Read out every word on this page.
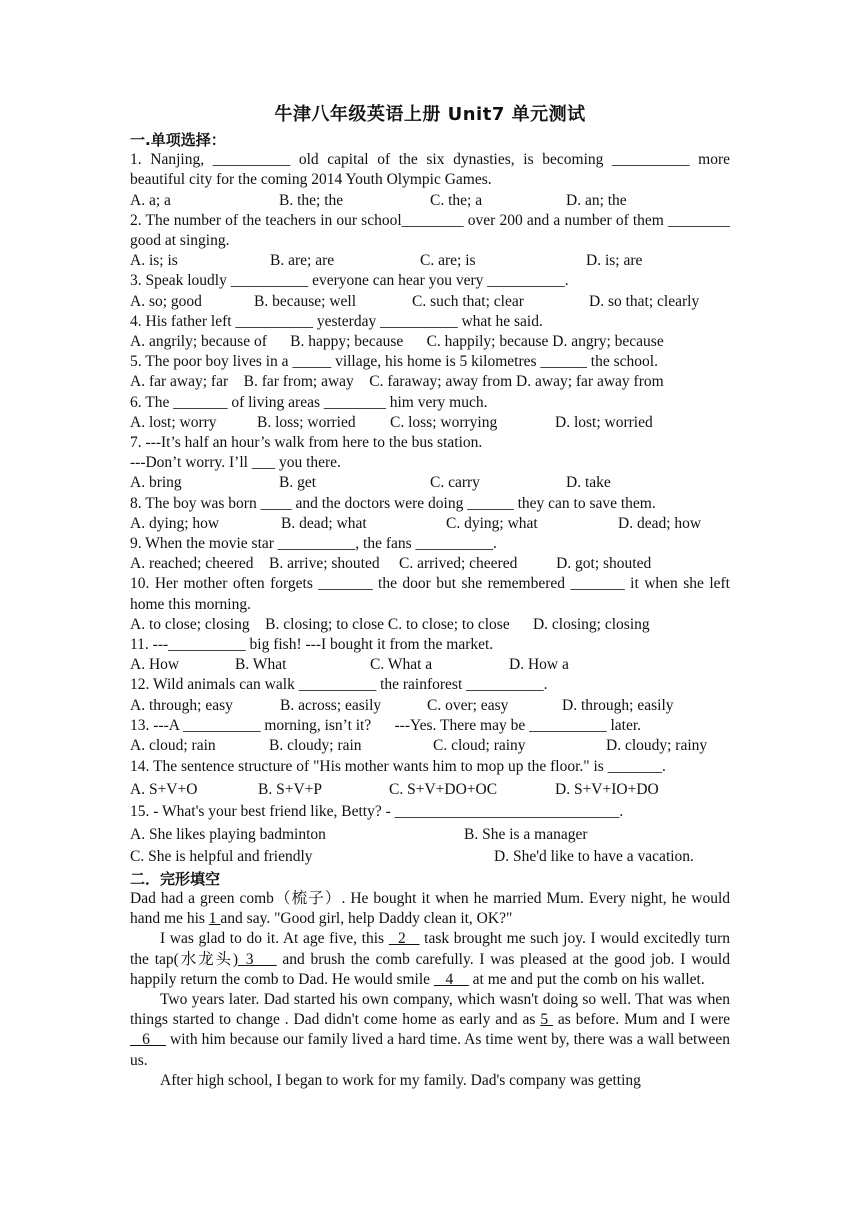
牛津八年级英语上册 Unit7 单元测试
一.单项选择：
1. Nanjing, __________ old capital of the six dynasties, is becoming __________ more beautiful city for the coming 2014 Youth Olympic Games.
A. a; a	B. the; the	C. the; a	D. an; the
2. The number of the teachers in our school________ over 200 and a number of them ________ good at singing.
A. is; is	B. are; are	C. are; is	D. is; are
3. Speak loudly __________ everyone can hear you very __________.
A. so; good	B. because; well	C. such that; clear	D. so that; clearly
4. His father left __________ yesterday __________ what he said.
A. angrily; because of      B. happy; because      C. happily; because D. angry; because
5. The poor boy lives in a _____ village, his home is 5 kilometres ______ the school.
A. far away; far    B. far from; away    C. faraway; away from D. away; far away from
6. The _______ of living areas ________ him very much.
A. lost; worry	B. loss; worried	C. loss; worrying	D. lost; worried
7. ---It’s half an hour’s walk from here to the bus station.
---Don’t worry. I’ll ___ you there.
A. bring	B. get	C. carry	D. take
8. The boy was born ____ and the doctors were doing ______ they can to save them.
A. dying; how	B. dead; what	C. dying; what	D. dead; how
9. When the movie star __________, the fans __________.
A. reached; cheered    B. arrive; shouted     C. arrived; cheered          D. got; shouted
10. Her mother often forgets _______ the door but she remembered _______ it when she left home this morning.
A. to close; closing    B. closing; to close C. to close; to close      D. closing; closing
11. ---__________ big fish! ---I bought it from the market.
A. How	B. What	C. What a	D. How a
12. Wild animals can walk __________ the rainforest __________.
A. through; easy	B. across; easily	C. over; easy	D. through; easily
13. ---A __________ morning, isn’t it?      ---Yes. There may be __________ later.
A. cloud; rain	B. cloudy; rain	C. cloud; rainy	D. cloudy; rainy
14. The sentence structure of "His mother wants him to mop up the floor." is _______.
A. S+V+O	B. S+V+P	C. S+V+DO+OC	D. S+V+IO+DO
15. - What's your best friend like, Betty? - _____________________________.
A. She likes playing badminton	B. She is a manager
C. She is helpful and friendly	D. She'd like to have a vacation.
二．完形填空
Dad had a green comb（梳子）. He bought it when he married Mum. Every night, he would hand me his 1 and say. "Good girl, help Daddy clean it, OK?"
I was glad to do it. At age five, this   2    task brought me such joy. I would excitedly turn the tap(水龙头)_3     and brush the comb carefully. I was pleased at the good job. I would happily return the comb to Dad. He would smile    4     at me and put the comb on his wallet.
Two years later. Dad started his own company, which wasn't doing so well. That was when things started to change . Dad didn't come home as early and as 5  as before. Mum and I were    6     with him because our family lived a hard time. As time went by, there was a wall between us.
After high school, I began to work for my family. Dad's company was getting
